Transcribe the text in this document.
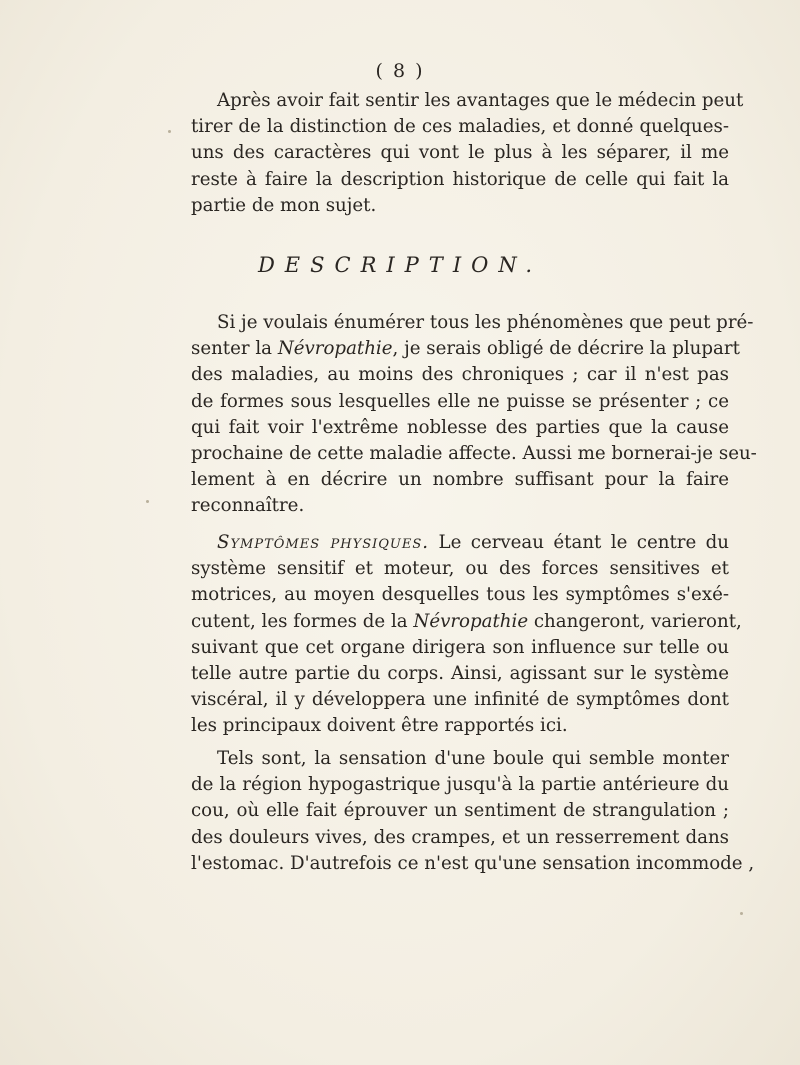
( 8 )
Après avoir fait sentir les avantages que le médecin peut
tirer de la distinction de ces maladies, et donné quelques-
uns des caractères qui vont le plus à les séparer, il me
reste à faire la description historique de celle qui fait la
partie de mon sujet.
DESCRIPTION.
Si je voulais énumérer tous les phénomènes que peut pré-
senter la Névropathie, je serais obligé de décrire la plupart
des maladies, au moins des chroniques ; car il n'est pas
de formes sous lesquelles elle ne puisse se présenter ; ce
qui fait voir l'extrême noblesse des parties que la cause
prochaine de cette maladie affecte. Aussi me bornerai-je seu-
lement à en décrire un nombre suffisant pour la faire
reconnaître.
Symptômes physiques. Le cerveau étant le centre du
système sensitif et moteur, ou des forces sensitives et
motrices, au moyen desquelles tous les symptômes s'exé-
cutent, les formes de la Névropathie changeront, varieront,
suivant que cet organe dirigera son influence sur telle ou
telle autre partie du corps. Ainsi, agissant sur le système
viscéral, il y développera une infinité de symptômes dont
les principaux doivent être rapportés ici.
Tels sont, la sensation d'une boule qui semble monter
de la région hypogastrique jusqu'à la partie antérieure du
cou, où elle fait éprouver un sentiment de strangulation ;
des douleurs vives, des crampes, et un resserrement dans
l'estomac. D'autrefois ce n'est qu'une sensation incommode ,
